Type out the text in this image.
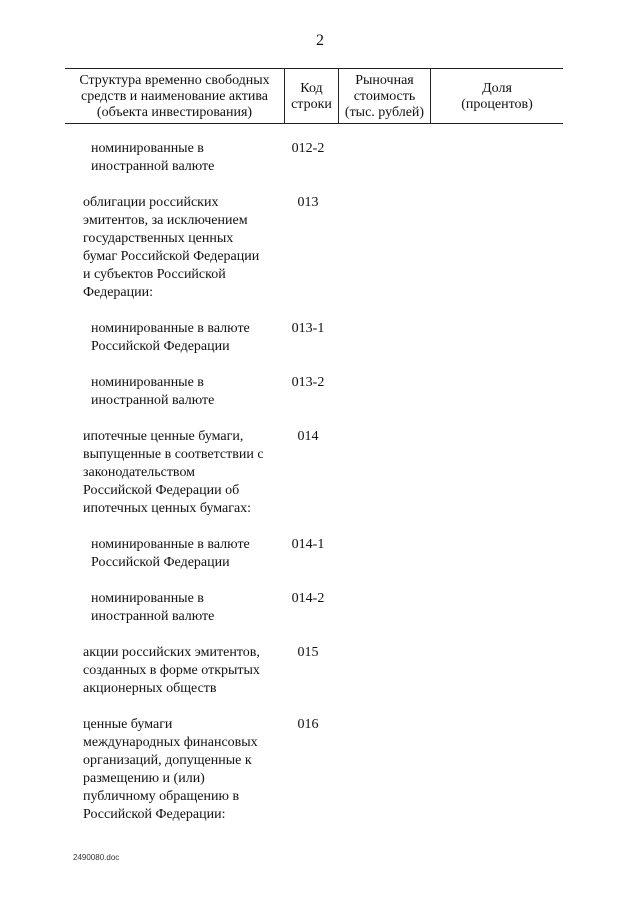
2
Структура временно свободных
средств и наименование актива
(объекта инвестирования)
Код
строки
Рыночная
стоимость
(тыс. рублей)
Доля
(процентов)
номинированные в
иностранной валюте
012-2
облигации российских
эмитентов, за исключением
государственных ценных
бумаг Российской Федерации
и субъектов Российской
Федерации:
013
номинированные в валюте
Российской Федерации
013-1
номинированные в
иностранной валюте
013-2
ипотечные ценные бумаги,
выпущенные в соответствии с
законодательством
Российской Федерации об
ипотечных ценных бумагах:
014
номинированные в валюте
Российской Федерации
014-1
номинированные в
иностранной валюте
014-2
акции российских эмитентов,
созданных в форме открытых
акционерных обществ
015
ценные бумаги
международных финансовых
организаций, допущенные к
размещению и (или)
публичному обращению в
Российской Федерации:
016
2490080.doc
